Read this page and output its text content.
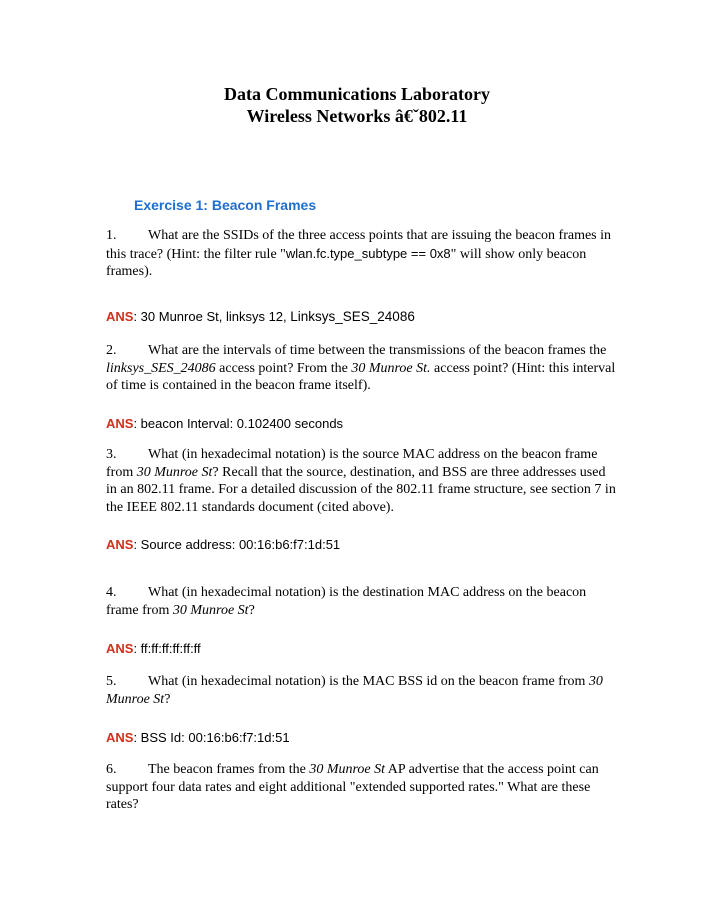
Data Communications Laboratory
Wireless Networks â€ˇ802.11
Exercise 1: Beacon Frames
1. What are the SSIDs of the three access points that are issuing the beacon frames in this trace? (Hint: the filter rule "wlan.fc.type_subtype == 0x8" will show only beacon frames).
ANS: 30 Munroe St, linksys 12, Linksys_SES_24086
2. What are the intervals of time between the transmissions of the beacon frames the linksys_SES_24086 access point? From the 30 Munroe St. access point? (Hint: this interval of time is contained in the beacon frame itself).
ANS: beacon Interval: 0.102400 seconds
3. What (in hexadecimal notation) is the source MAC address on the beacon frame from 30 Munroe St? Recall that the source, destination, and BSS are three addresses used in an 802.11 frame. For a detailed discussion of the 802.11 frame structure, see section 7 in the IEEE 802.11 standards document (cited above).
ANS: Source address: 00:16:b6:f7:1d:51
4. What (in hexadecimal notation) is the destination MAC address on the beacon frame from 30 Munroe St?
ANS: ff:ff:ff:ff:ff:ff
5. What (in hexadecimal notation) is the MAC BSS id on the beacon frame from 30 Munroe St?
ANS: BSS Id: 00:16:b6:f7:1d:51
6. The beacon frames from the 30 Munroe St AP advertise that the access point can support four data rates and eight additional "extended supported rates." What are these rates?
